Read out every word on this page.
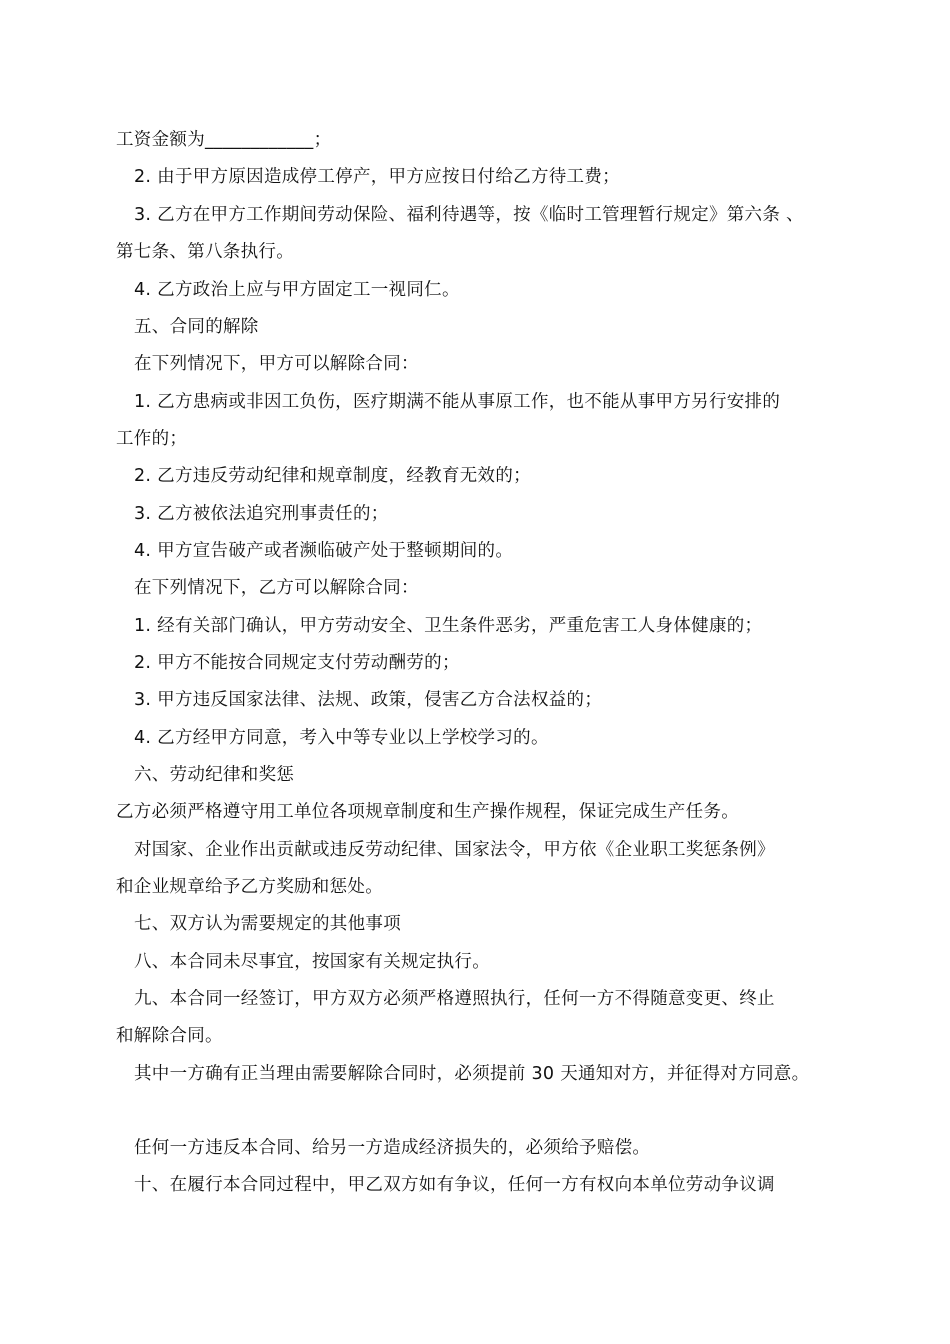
工资金额为____________；
2. 由于甲方原因造成停工停产，甲方应按日付给乙方待工费；
3. 乙方在甲方工作期间劳动保险、福利待遇等，按《临时工管理暂行规定》第六条 、
第七条、第八条执行。
4. 乙方政治上应与甲方固定工一视同仁。
五、合同的解除
在下列情况下，甲方可以解除合同：
1. 乙方患病或非因工负伤，医疗期满不能从事原工作，也不能从事甲方另行安排的
工作的；
2. 乙方违反劳动纪律和规章制度，经教育无效的；
3. 乙方被依法追究刑事责任的；
4. 甲方宣告破产或者濒临破产处于整顿期间的。
在下列情况下，乙方可以解除合同：
1. 经有关部门确认，甲方劳动安全、卫生条件恶劣，严重危害工人身体健康的；
2. 甲方不能按合同规定支付劳动酬劳的；
3. 甲方违反国家法律、法规、政策，侵害乙方合法权益的；
4. 乙方经甲方同意，考入中等专业以上学校学习的。
六、劳动纪律和奖惩
乙方必须严格遵守用工单位各项规章制度和生产操作规程，保证完成生产任务。
对国家、企业作出贡献或违反劳动纪律、国家法令，甲方依《企业职工奖惩条例》
和企业规章给予乙方奖励和惩处。
七、双方认为需要规定的其他事项
八、本合同未尽事宜，按国家有关规定执行。
九、本合同一经签订，甲方双方必须严格遵照执行，任何一方不得随意变更、终止
和解除合同。
其中一方确有正当理由需要解除合同时，必须提前 30 天通知对方，并征得对方同意。
任何一方违反本合同、给另一方造成经济损失的，必须给予赔偿。
十、在履行本合同过程中，甲乙双方如有争议，任何一方有权向本单位劳动争议调
